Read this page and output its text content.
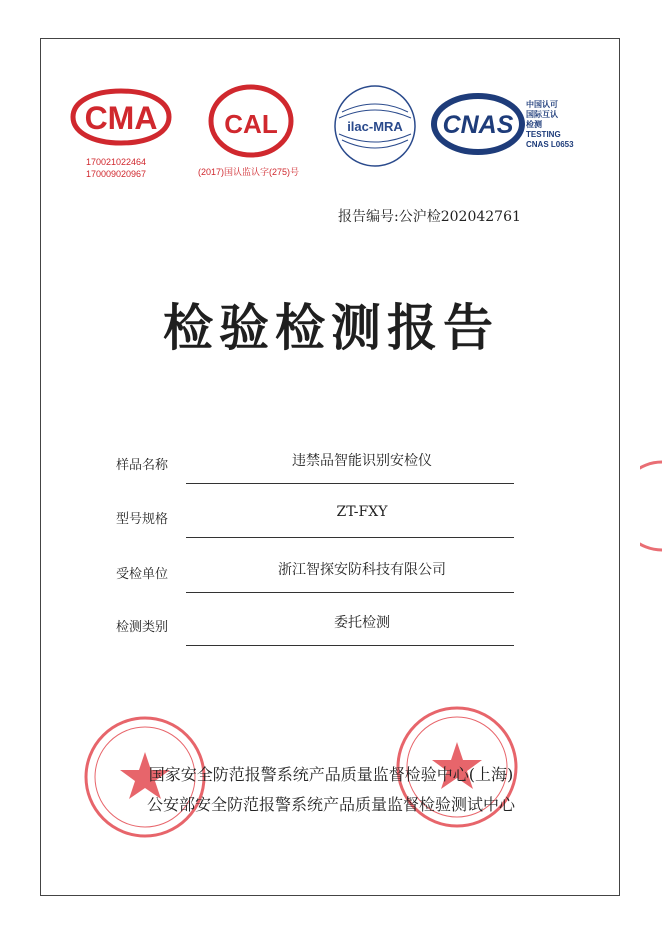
CMA
170021022464
170009020967
CAL
(2017)国认监认字(275)号
ilac-MRA CNAS
中国认可
国际互认
检测
TESTING
CNAS L0653
报告编号:公沪检202042761
检验检测报告
样品名称	违禁品智能识别安检仪
型号规格	ZT-FXY
受检单位	浙江智探安防科技有限公司
检测类别	委托检测
国家安全防范报警系统产品质量监督检验中心(上海)
公安部安全防范报警系统产品质量监督检验测试中心
